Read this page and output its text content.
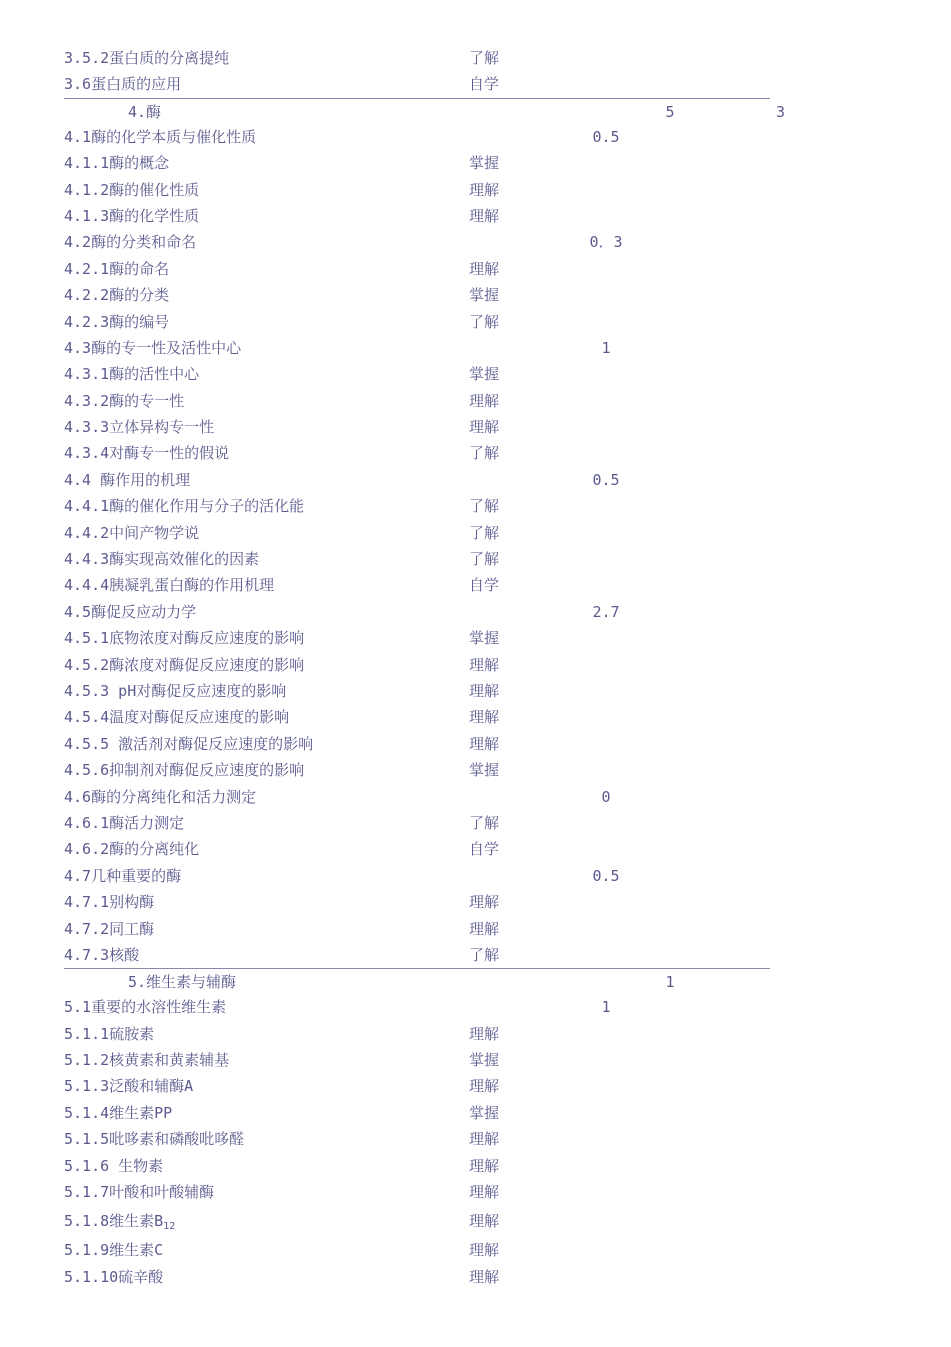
3.5.2蛋白质的分离提纯	了解
3.6蛋白质的应用	自学
4.酶	5	3
4.1酶的化学本质与催化性质	0.5
4.1.1酶的概念	掌握
4.1.2酶的催化性质	理解
4.1.3酶的化学性质	理解
4.2酶的分类和命名	0．3
4.2.1酶的命名	理解
4.2.2酶的分类	掌握
4.2.3酶的编号	了解
4.3酶的专一性及活性中心	1
4.3.1酶的活性中心	掌握
4.3.2酶的专一性	理解
4.3.3立体异构专一性	理解
4.3.4对酶专一性的假说	了解
4.4 酶作用的机理	0.5
4.4.1酶的催化作用与分子的活化能	了解
4.4.2中间产物学说	了解
4.4.3酶实现高效催化的因素	了解
4.4.4胰凝乳蛋白酶的作用机理	自学
4.5酶促反应动力学	2.7
4.5.1底物浓度对酶反应速度的影响	掌握
4.5.2酶浓度对酶促反应速度的影响	理解
4.5.3 pH对酶促反应速度的影响	理解
4.5.4温度对酶促反应速度的影响	理解
4.5.5 激活剂对酶促反应速度的影响	理解
4.5.6抑制剂对酶促反应速度的影响	掌握
4.6酶的分离纯化和活力测定	0
4.6.1酶活力测定	了解
4.6.2酶的分离纯化	自学
4.7几种重要的酶	0.5
4.7.1别构酶	理解
4.7.2同工酶	理解
4.7.3核酸	了解
5.维生素与辅酶	1
5.1重要的水溶性维生素	1
5.1.1硫胺素	理解
5.1.2核黄素和黄素辅基	掌握
5.1.3泛酸和辅酶A	理解
5.1.4维生素PP	掌握
5.1.5吡哆素和磷酸吡哆醛	理解
5.1.6 生物素	理解
5.1.7叶酸和叶酸辅酶	理解
5.1.8维生素$B_{12}$	理解
5.1.9维生素C	理解
5.1.10硫辛酸	理解
